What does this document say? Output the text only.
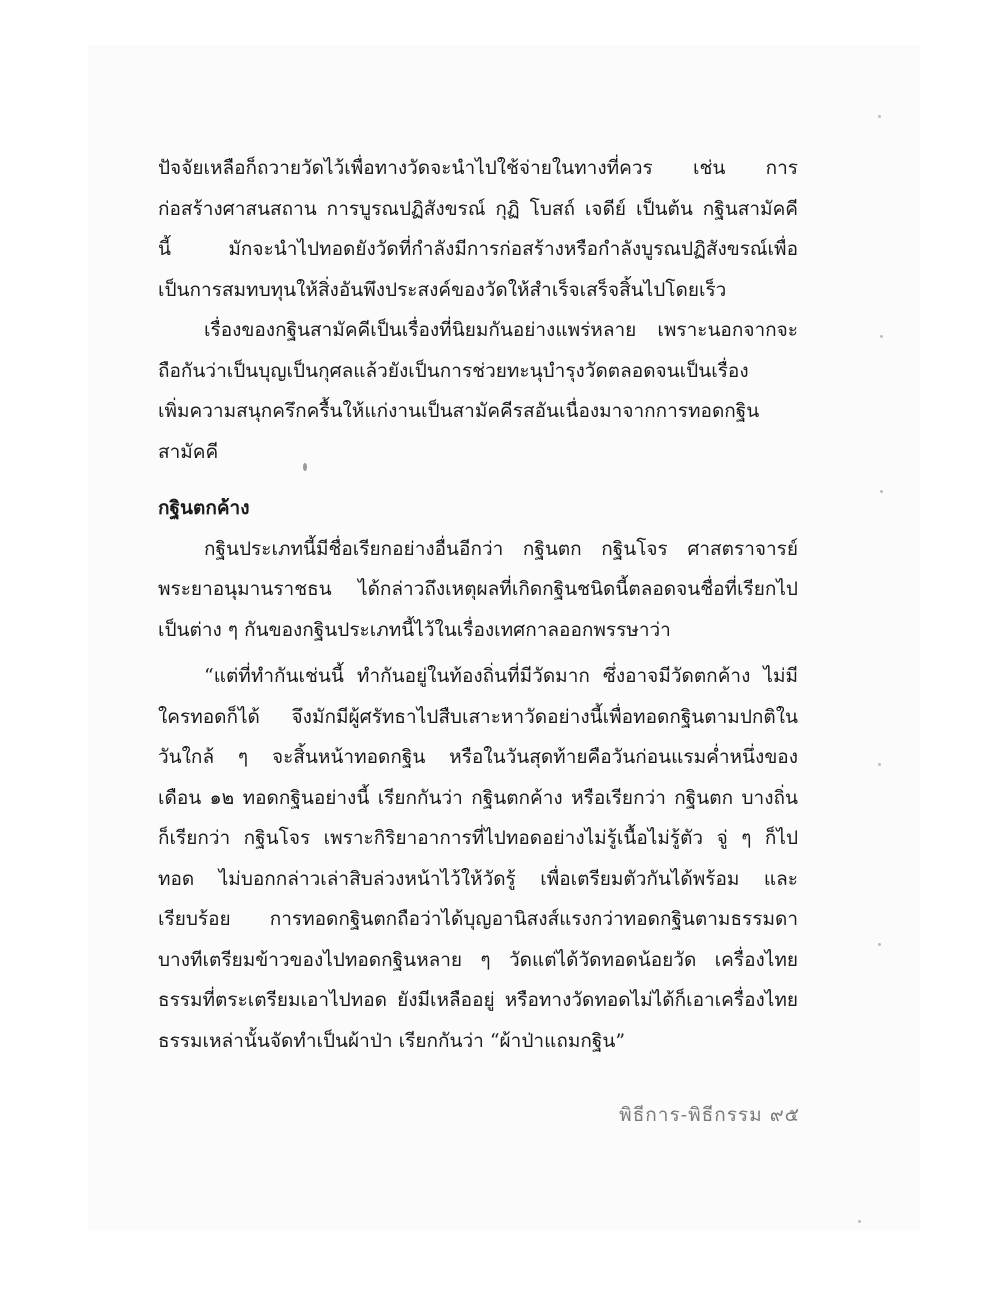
ปัจจัยเหลือก็ถวายวัดไว้เพื่อทางวัดจะนำไปใช้จ่ายในทางที่ควร เช่น การ
ก่อสร้างศาสนสถาน การบูรณปฏิสังขรณ์ กุฏิ โบสถ์ เจดีย์ เป็นต้น กฐินสามัคคี
นี้ มักจะนำไปทอดยังวัดที่กำลังมีการก่อสร้างหรือกำลังบูรณปฏิสังขรณ์เพื่อ
เป็นการสมทบทุนให้สิ่งอันพึงประสงค์ของวัดให้สำเร็จเสร็จสิ้นไปโดยเร็ว
เรื่องของกฐินสามัคคีเป็นเรื่องที่นิยมกันอย่างแพร่หลาย เพราะนอกจากจะ
ถือกันว่าเป็นบุญเป็นกุศลแล้วยังเป็นการช่วยทะนุบำรุงวัดตลอดจนเป็นเรื่อง
เพิ่มความสนุกครึกครื้นให้แก่งานเป็นสามัคคีรสอันเนื่องมาจากการทอดกฐิน
สามัคคี
กฐินตกค้าง
กฐินประเภทนี้มีชื่อเรียกอย่างอื่นอีกว่า กฐินตก กฐินโจร ศาสตราจารย์
พระยาอนุมานราชธน ได้กล่าวถึงเหตุผลที่เกิดกฐินชนิดนี้ตลอดจนชื่อที่เรียกไป
เป็นต่าง ๆ กันของกฐินประเภทนี้ไว้ในเรื่องเทศกาลออกพรรษาว่า
“แต่ที่ทำกันเช่นนี้ ทำกันอยู่ในท้องถิ่นที่มีวัดมาก ซึ่งอาจมีวัดตกค้าง ไม่มี
ใครทอดก็ได้ จึงมักมีผู้ศรัทธาไปสืบเสาะหาวัดอย่างนี้เพื่อทอดกฐินตามปกติใน
วันใกล้ ๆ จะสิ้นหน้าทอดกฐิน หรือในวันสุดท้ายคือวันก่อนแรมค่ำหนึ่งของ
เดือน ๑๒ ทอดกฐินอย่างนี้ เรียกกันว่า กฐินตกค้าง หรือเรียกว่า กฐินตก บางถิ่น
ก็เรียกว่า กฐินโจร เพราะกิริยาอาการที่ไปทอดอย่างไม่รู้เนื้อไม่รู้ตัว จู่ ๆ ก็ไป
ทอด ไม่บอกกล่าวเล่าสิบล่วงหน้าไว้ให้วัดรู้ เพื่อเตรียมตัวกันได้พร้อม และ
เรียบร้อย การทอดกฐินตกถือว่าได้บุญอานิสงส์แรงกว่าทอดกฐินตามธรรมดา
บางทีเตรียมข้าวของไปทอดกฐินหลาย ๆ วัดแต่ได้วัดทอดน้อยวัด เครื่องไทย
ธรรมที่ตระเตรียมเอาไปทอด ยังมีเหลืออยู่ หรือทางวัดทอดไม่ได้ก็เอาเครื่องไทย
ธรรมเหล่านั้นจัดทำเป็นผ้าป่า เรียกกันว่า “ผ้าป่าแถมกฐิน”
พิธีการ-พิธีกรรม ๙๕
